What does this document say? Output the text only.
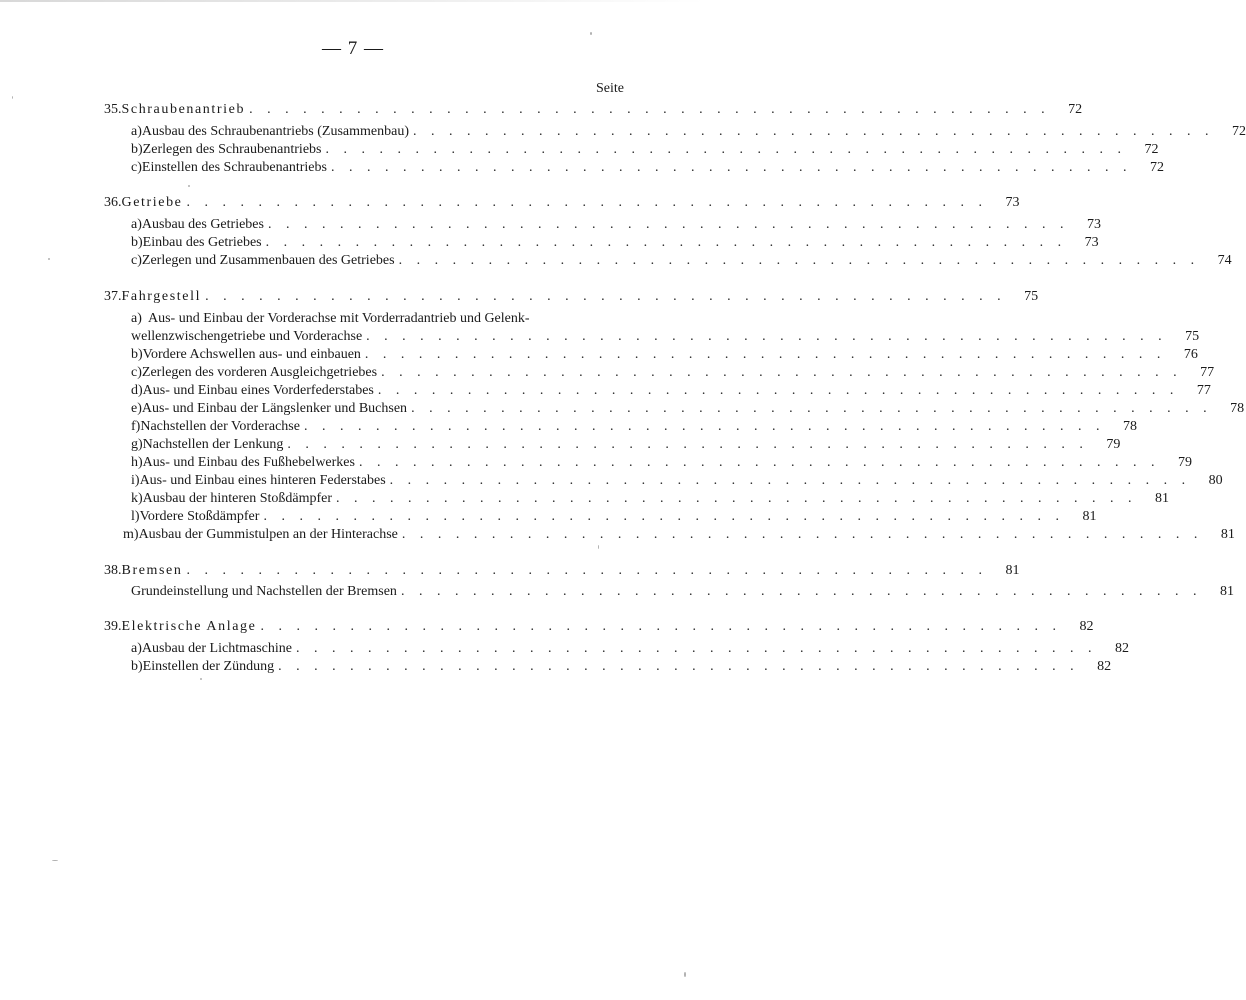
— 7 —
Seite
35. Schraubenantrieb . . . . . . . . . . . . . . . . . . . . . . . . . . . . . . . . . . . . . . . . . . . . .	72
a) Ausbau des Schraubenantriebs (Zusammenbau) . . . . . . . . . . . . . . . . . . . . . . . . . . . . . . . . . . . . . . . . . . . . .	72
b) Zerlegen des Schraubenantriebs . . . . . . . . . . . . . . . . . . . . . . . . . . . . . . . . . . . . . . . . . . . . .	72
c) Einstellen des Schraubenantriebs . . . . . . . . . . . . . . . . . . . . . . . . . . . . . . . . . . . . . . . . . . . . .	72
36. Getriebe . . . . . . . . . . . . . . . . . . . . . . . . . . . . . . . . . . . . . . . . . . . . .	73
a) Ausbau des Getriebes . . . . . . . . . . . . . . . . . . . . . . . . . . . . . . . . . . . . . . . . . . . . .	73
b) Einbau des Getriebes . . . . . . . . . . . . . . . . . . . . . . . . . . . . . . . . . . . . . . . . . . . . .	73
c) Zerlegen und Zusammenbauen des Getriebes . . . . . . . . . . . . . . . . . . . . . . . . . . . . . . . . . . . . . . . . . . . . .	74
37. Fahrgestell . . . . . . . . . . . . . . . . . . . . . . . . . . . . . . . . . . . . . . . . . . . . .	75
a) Aus- und Einbau der Vorderachse mit Vorderradantrieb und Gelenk-
wellenzwischengetriebe und Vorderachse . . . . . . . . . . . . . . . . . . . . . . . . . . . . . . . . . . . . . . . . . . . . .	75
b) Vordere Achswellen aus- und einbauen . . . . . . . . . . . . . . . . . . . . . . . . . . . . . . . . . . . . . . . . . . . . .	76
c) Zerlegen des vorderen Ausgleichgetriebes . . . . . . . . . . . . . . . . . . . . . . . . . . . . . . . . . . . . . . . . . . . . .	77
d) Aus- und Einbau eines Vorderfederstabes . . . . . . . . . . . . . . . . . . . . . . . . . . . . . . . . . . . . . . . . . . . . .	77
e) Aus- und Einbau der Längslenker und Buchsen . . . . . . . . . . . . . . . . . . . . . . . . . . . . . . . . . . . . . . . . . . . . .	78
f) Nachstellen der Vorderachse . . . . . . . . . . . . . . . . . . . . . . . . . . . . . . . . . . . . . . . . . . . . .	78
g) Nachstellen der Lenkung . . . . . . . . . . . . . . . . . . . . . . . . . . . . . . . . . . . . . . . . . . . . .	79
h) Aus- und Einbau des Fußhebelwerkes . . . . . . . . . . . . . . . . . . . . . . . . . . . . . . . . . . . . . . . . . . . . .	79
i) Aus- und Einbau eines hinteren Federstabes . . . . . . . . . . . . . . . . . . . . . . . . . . . . . . . . . . . . . . . . . . . . .	80
k) Ausbau der hinteren Stoßdämpfer . . . . . . . . . . . . . . . . . . . . . . . . . . . . . . . . . . . . . . . . . . . . .	81
l) Vordere Stoßdämpfer . . . . . . . . . . . . . . . . . . . . . . . . . . . . . . . . . . . . . . . . . . . . .	81
m) Ausbau der Gummistulpen an der Hinterachse . . . . . . . . . . . . . . . . . . . . . . . . . . . . . . . . . . . . . . . . . . . . .	81
38. Bremsen . . . . . . . . . . . . . . . . . . . . . . . . . . . . . . . . . . . . . . . . . . . . .	81
Grundeinstellung und Nachstellen der Bremsen . . . . . . . . . . . . . . . . . . . . . . . . . . . . . . . . . . . . . . . . . . . . .	81
39. Elektrische Anlage . . . . . . . . . . . . . . . . . . . . . . . . . . . . . . . . . . . . . . . . . . . . .	82
a) Ausbau der Lichtmaschine . . . . . . . . . . . . . . . . . . . . . . . . . . . . . . . . . . . . . . . . . . . . .	82
b) Einstellen der Zündung . . . . . . . . . . . . . . . . . . . . . . . . . . . . . . . . . . . . . . . . . . . . .	82
